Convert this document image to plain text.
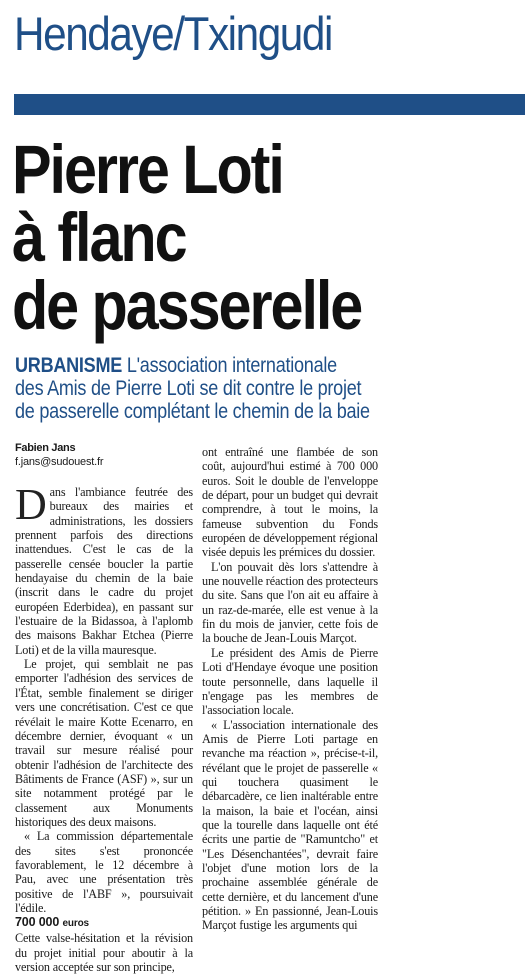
Hendaye/Txingudi
Pierre Loti
à flanc
de passerelle
URBANISME L'association internationale
des Amis de Pierre Loti se dit contre le projet
de passerelle complétant le chemin de la baie
Fabien Jans
f.jans@sudouest.fr

Dans l'ambiance feutrée des bureaux des mairies et administrations, les dossiers prennent parfois des directions inattendues. C'est le cas de la passerelle censée boucler la partie hendayaise du chemin de la baie (inscrit dans le cadre du projet européen Ederbidea), en passant sur l'estuaire de la Bidassoa, à l'aplomb des maisons Bakhar Etchea (Pierre Loti) et de la villa mauresque.

Le projet, qui semblait ne pas emporter l'adhésion des services de l'État, semble finalement se diriger vers une concrétisation. C'est ce que révélait le maire Kotte Ecenarro, en décembre dernier, évoquant « un travail sur mesure réalisé pour obtenir l'adhésion de l'architecte des Bâtiments de France (ASF) », sur un site notamment protégé par le classement aux Monuments historiques des deux maisons.

« La commission départementale des sites s'est prononcée favorablement, le 12 décembre à Pau, avec une présentation très positive de l'ABF », poursuivait l'édile.

700 000 euros

Cette valse-hésitation et la révision du projet initial pour aboutir à la version acceptée sur son principe,

ont entraîné une flambée de son coût, aujourd'hui estimé à 700 000 euros. Soit le double de l'enveloppe de départ, pour un budget qui devrait comprendre, à tout le moins, la fameuse subvention du Fonds européen de développement régional visée depuis les prémices du dossier.

L'on pouvait dès lors s'attendre à une nouvelle réaction des protecteurs du site. Sans que l'on ait eu affaire à un raz-de-marée, elle est venue à la fin du mois de janvier, cette fois de la bouche de Jean-Louis Marçot.

Le président des Amis de Pierre Loti d'Hendaye évoque une position toute personnelle, dans laquelle il n'engage pas les membres de l'association locale.

« L'association internationale des Amis de Pierre Loti partage en revanche ma réaction », précise-t-il, révélant que le projet de passerelle « qui touchera quasiment le débarcadère, ce lien inaltérable entre la maison, la baie et l'océan, ainsi que la tourelle dans laquelle ont été écrits une partie de "Ramuntcho" et "Les Désenchantées", devrait faire l'objet d'une motion lors de la prochaine assemblée générale de cette dernière, et du lancement d'une pétition. » En passionné, Jean-Louis Marçot fustige les arguments qui
